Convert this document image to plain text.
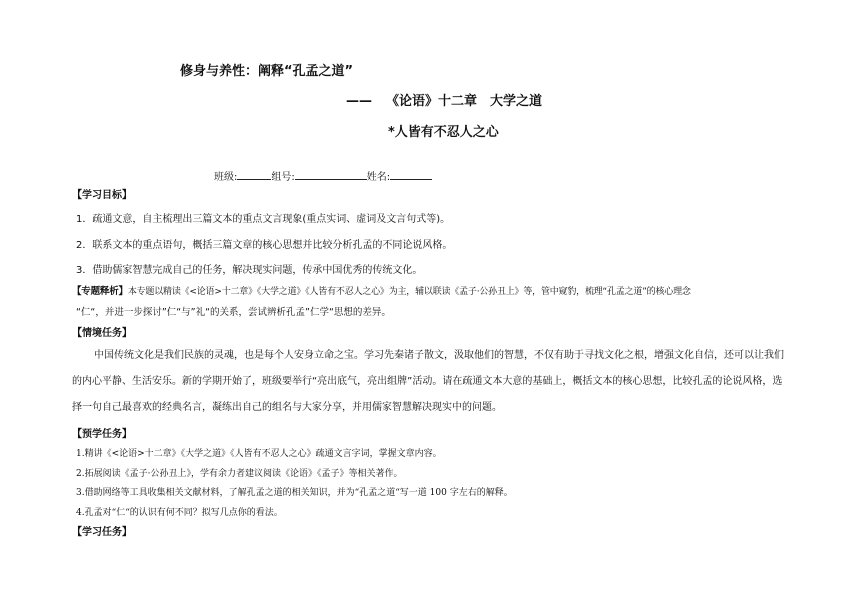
修身与养性：阐释“孔孟之道”
—— 《论语》十二章　大学之道
*人皆有不忍人之心
班级:	组号:	姓名:
【学习目标】
1．疏通文意，自主梳理出三篇文本的重点文言现象(重点实词、虚词及文言句式等)。
2．联系文本的重点语句，概括三篇文章的核心思想并比较分析孔孟的不同论说风格。
3．借助儒家智慧完成自己的任务，解决现实问题，传承中国优秀的传统文化。
【专题释析】本专题以精读《<论语>十二章》《大学之道》《人皆有不忍人之心》为主，辅以联读《孟子·公孙丑上》等，管中窥豹，梳理“孔孟之道”的核心理念
“仁“，并进一步探讨”仁“与”礼“的关系，尝试辨析孔孟”仁学“思想的差异。
【情境任务】
中国传统文化是我们民族的灵魂，也是每个人安身立命之宝。学习先秦诸子散文，汲取他们的智慧，不仅有助于寻找文化之根，增强文化自信，还可以让我们的内心平静、生活安乐。新的学期开始了，班级要举行“亮出底气，亮出组牌”活动。请在疏通文本大意的基础上，概括文本的核心思想，比较孔孟的论说风格，选择一句自己最喜欢的经典名言，凝练出自己的组名与大家分享，并用儒家智慧解决现实中的问题。
【预学任务】
1.精讲《<论语>十二章》《大学之道》《人皆有不忍人之心》疏通文言字词，掌握文章内容。
2.拓展阅读《孟子·公孙丑上》，学有余力者建议阅读《论语》《孟子》等相关著作。
3.借助网络等工具收集相关文献材料，了解孔孟之道的相关知识，并为“孔孟之道“写一道 100 字左右的解释。
4.孔孟对“仁“的认识有何不同？拟写几点你的看法。
【学习任务】
